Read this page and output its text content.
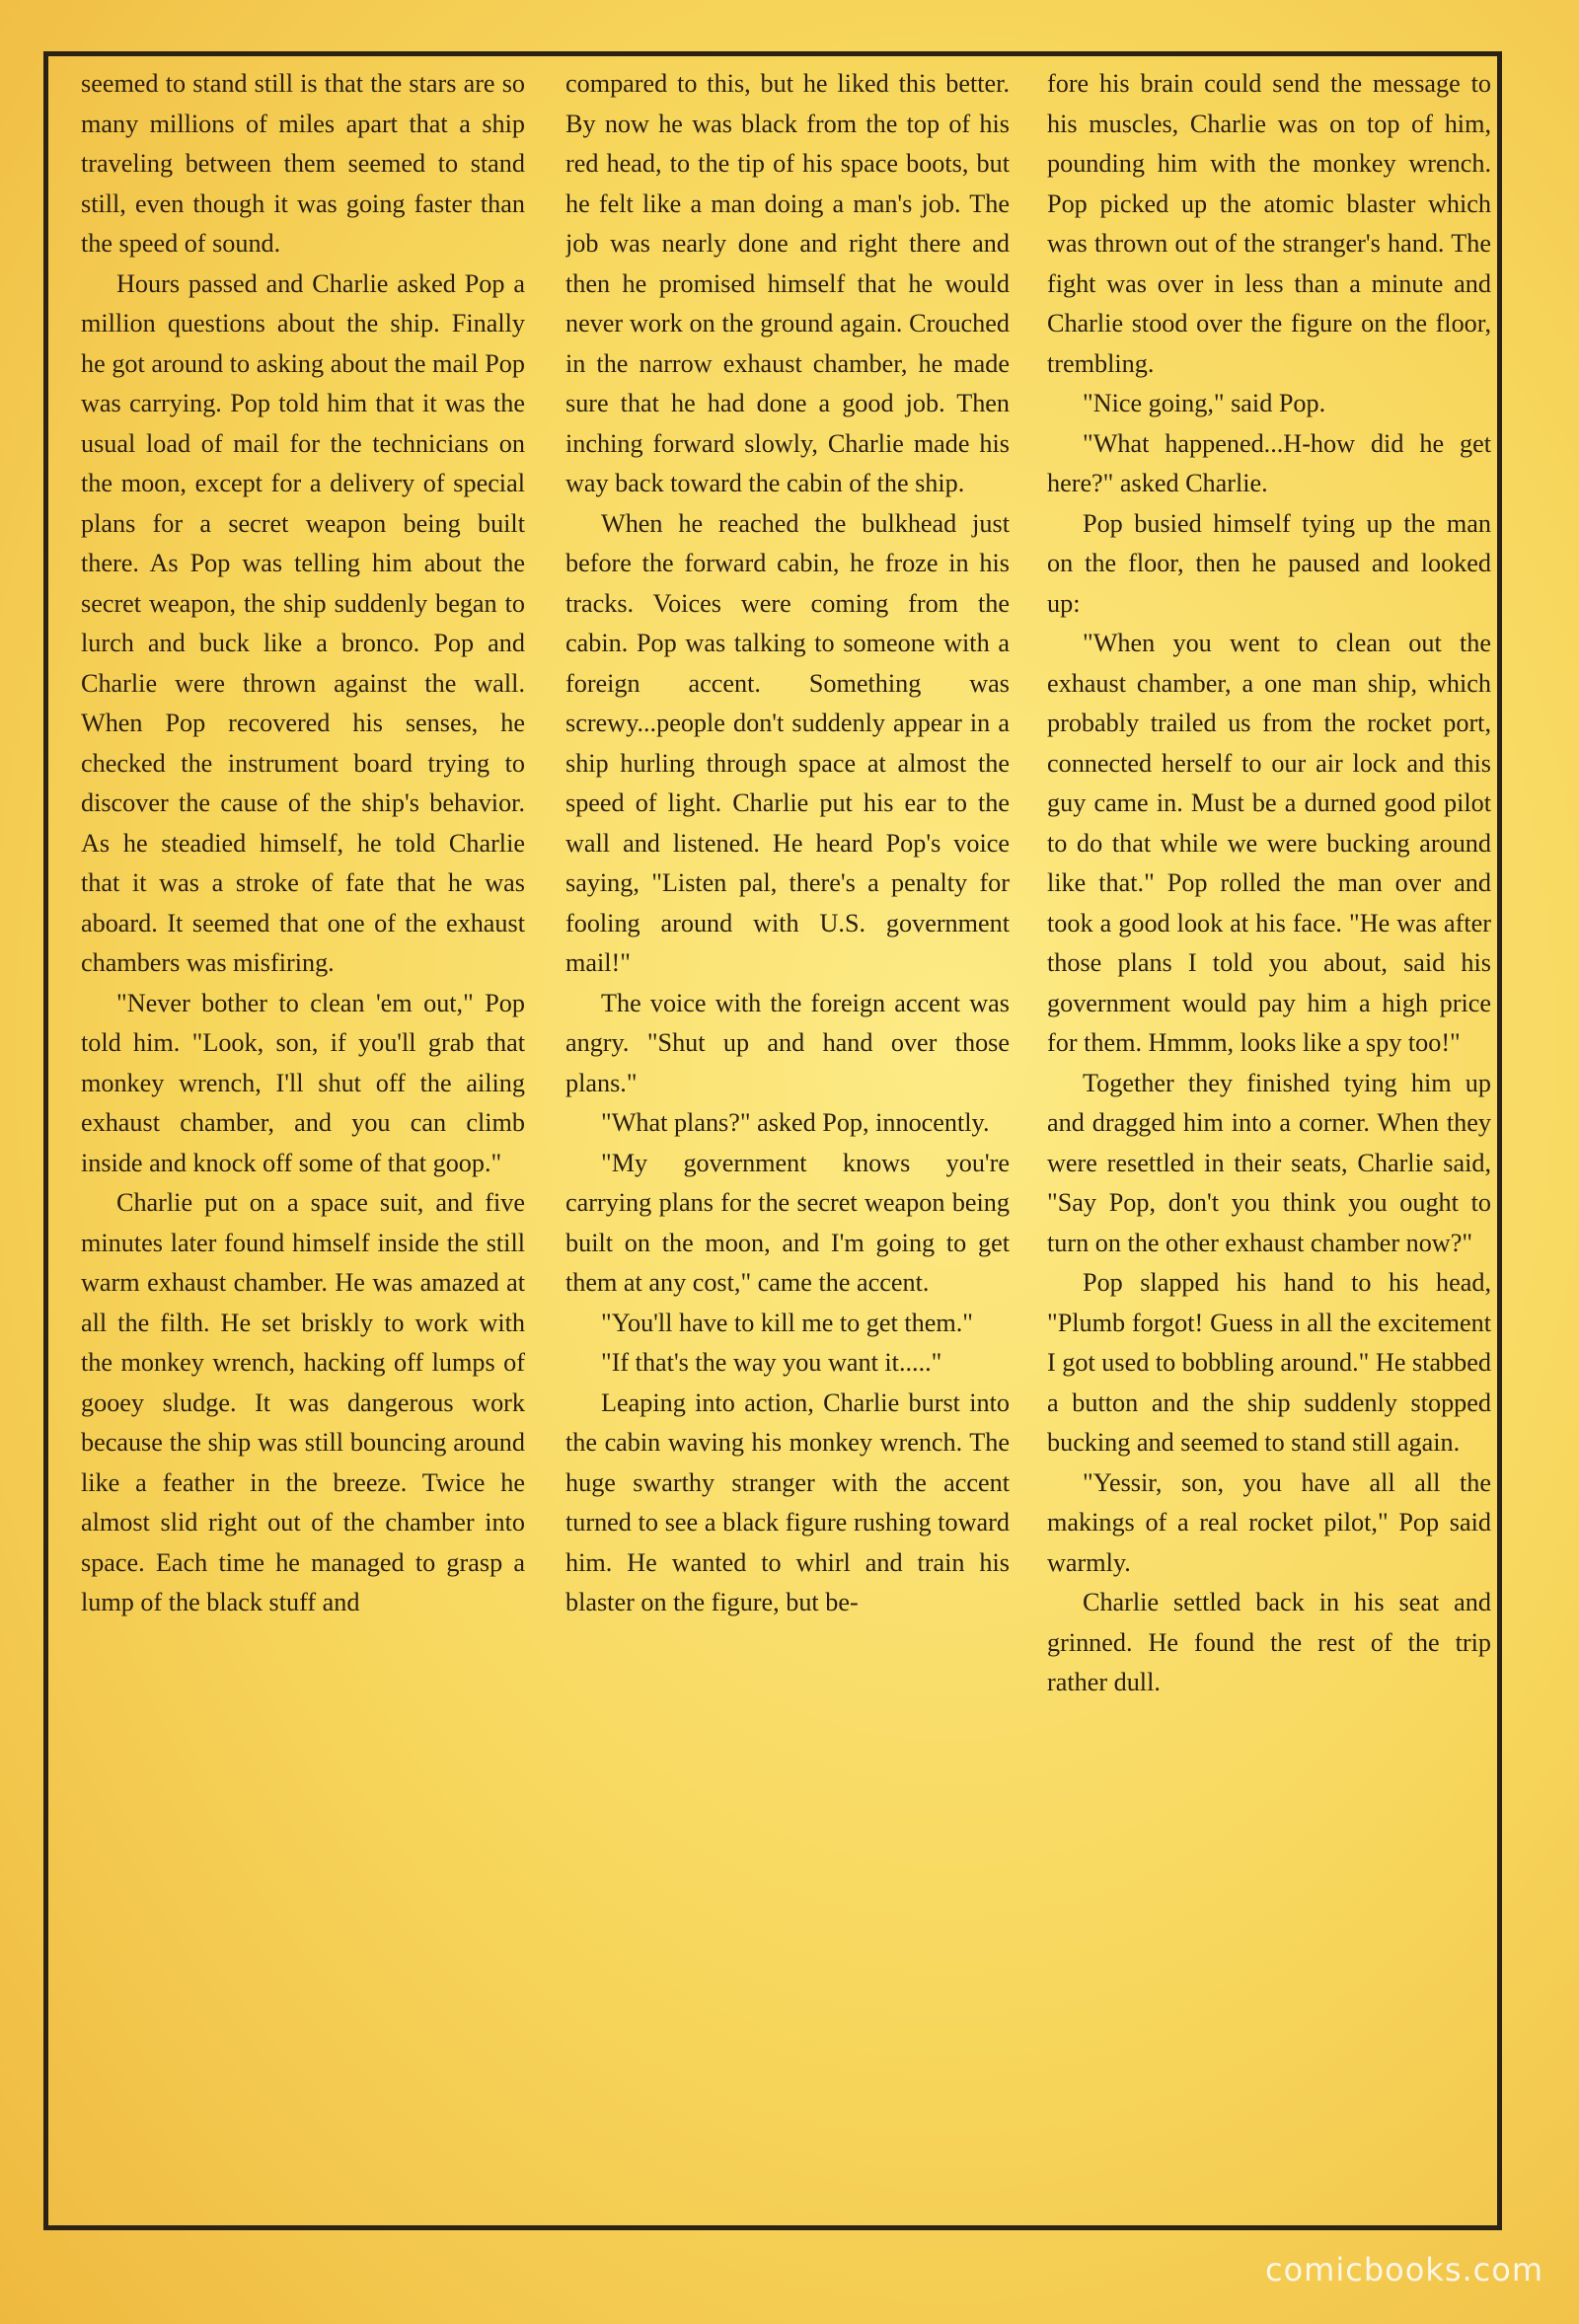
seemed to stand still is that the stars are so many millions of miles apart that a ship traveling between them seemed to stand still, even though it was going faster than the speed of sound.

Hours passed and Charlie asked Pop a million questions about the ship. Finally he got around to asking about the mail Pop was carrying. Pop told him that it was the usual load of mail for the technicians on the moon, except for a delivery of special plans for a secret weapon being built there. As Pop was telling him about the secret weapon, the ship suddenly began to lurch and buck like a bronco. Pop and Charlie were thrown against the wall. When Pop recovered his senses, he checked the instrument board trying to discover the cause of the ship's behavior. As he steadied himself, he told Charlie that it was a stroke of fate that he was aboard. It seemed that one of the exhaust chambers was misfiring.

"Never bother to clean 'em out," Pop told him. "Look, son, if you'll grab that monkey wrench, I'll shut off the ailing exhaust chamber, and you can climb inside and knock off some of that goop."

Charlie put on a space suit, and five minutes later found himself inside the still warm exhaust chamber. He was amazed at all the filth. He set briskly to work with the monkey wrench, hacking off lumps of gooey sludge. It was dangerous work because the ship was still bouncing around like a feather in the breeze. Twice he almost slid right out of the chamber into space. Each time he managed to grasp a lump of the black stuff and

compared to this, but he liked this better. By now he was black from the top of his red head, to the tip of his space boots, but he felt like a man doing a man's job. The job was nearly done and right there and then he promised himself that he would never work on the ground again. Crouched in the narrow exhaust chamber, he made sure that he had done a good job. Then inching forward slowly, Charlie made his way back toward the cabin of the ship.

When he reached the bulkhead just before the forward cabin, he froze in his tracks. Voices were coming from the cabin. Pop was talking to someone with a foreign accent. Something was screwy...people don't suddenly appear in a ship hurling through space at almost the speed of light. Charlie put his ear to the wall and listened. He heard Pop's voice saying, "Listen pal, there's a penalty for fooling around with U.S. government mail!"

The voice with the foreign accent was angry. "Shut up and hand over those plans."

"What plans?" asked Pop, innocently.

"My government knows you're carrying plans for the secret weapon being built on the moon, and I'm going to get them at any cost," came the accent.

"You'll have to kill me to get them."

"If that's the way you want it....."

Leaping into action, Charlie burst into the cabin waving his monkey wrench. The huge swarthy stranger with the accent turned to see a black figure rushing toward him. He wanted to whirl and train his blaster on the figure, but be-

fore his brain could send the message to his muscles, Charlie was on top of him, pounding him with the monkey wrench. Pop picked up the atomic blaster which was thrown out of the stranger's hand. The fight was over in less than a minute and Charlie stood over the figure on the floor, trembling.

"Nice going," said Pop.

"What happened...H-how did he get here?" asked Charlie.

Pop busied himself tying up the man on the floor, then he paused and looked up:

"When you went to clean out the exhaust chamber, a one man ship, which probably trailed us from the rocket port, connected herself to our air lock and this guy came in. Must be a durned good pilot to do that while we were bucking around like that." Pop rolled the man over and took a good look at his face. "He was after those plans I told you about, said his government would pay him a high price for them. Hmmm, looks like a spy too!"

Together they finished tying him up and dragged him into a corner. When they were resettled in their seats, Charlie said, "Say Pop, don't you think you ought to turn on the other exhaust chamber now?"

Pop slapped his hand to his head, "Plumb forgot! Guess in all the excitement I got used to bobbling around." He stabbed a button and the ship suddenly stopped bucking and seemed to stand still again.

"Yessir, son, you have all all the makings of a real rocket pilot," Pop said warmly.

Charlie settled back in his seat and grinned. He found the rest of the trip rather dull.

comicbooks.com
